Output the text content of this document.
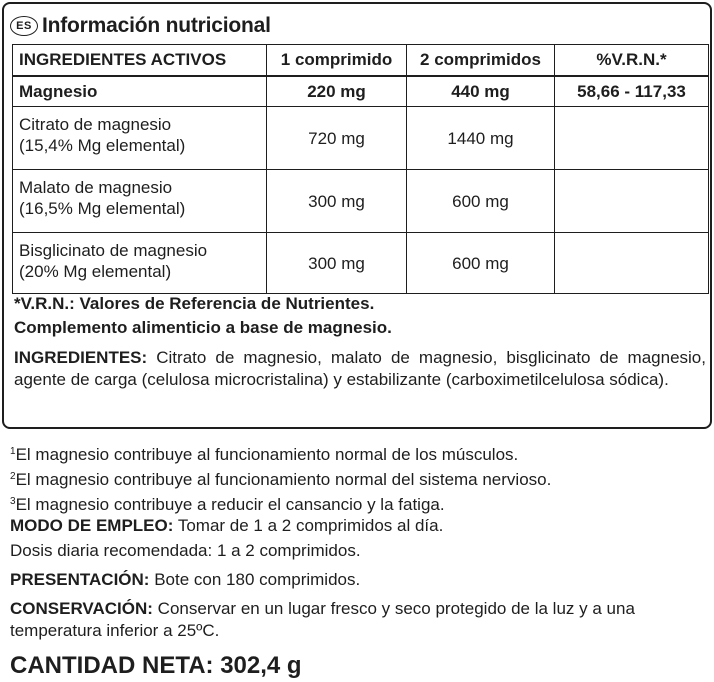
ES Información nutricional
INGREDIENTES ACTIVOS	1 comprimido	2 comprimidos	%V.R.N.*
Magnesio	220 mg	440 mg	58,66 - 117,33

Citrato de magnesio
(15,4% Mg elemental)	720 mg	1440 mg	

Malato de magnesio
(16,5% Mg elemental)	300 mg	600 mg	

Bisglicinato de magnesio
(20% Mg elemental)	300 mg	600 mg	
*V.R.N.: Valores de Referencia de Nutrientes.
Complemento alimenticio a base de magnesio.
INGREDIENTES: Citrato de magnesio, malato de magnesio, bisglicinato de magnesio, agente de carga (celulosa microcristalina) y estabilizante (carboximetilcelulosa sódica).
$^1$El magnesio contribuye al funcionamiento normal de los músculos.
$^2$El magnesio contribuye al funcionamiento normal del sistema nervioso.
$^3$El magnesio contribuye a reducir el cansancio y la fatiga.
MODO DE EMPLEO: Tomar de 1 a 2 comprimidos al día.
Dosis diaria recomendada: 1 a 2 comprimidos.
PRESENTACIÓN: Bote con 180 comprimidos.
CONSERVACIÓN: Conservar en un lugar fresco y seco protegido de la luz y a una temperatura inferior a 25ºC.
CANTIDAD NETA: 302,4 g
